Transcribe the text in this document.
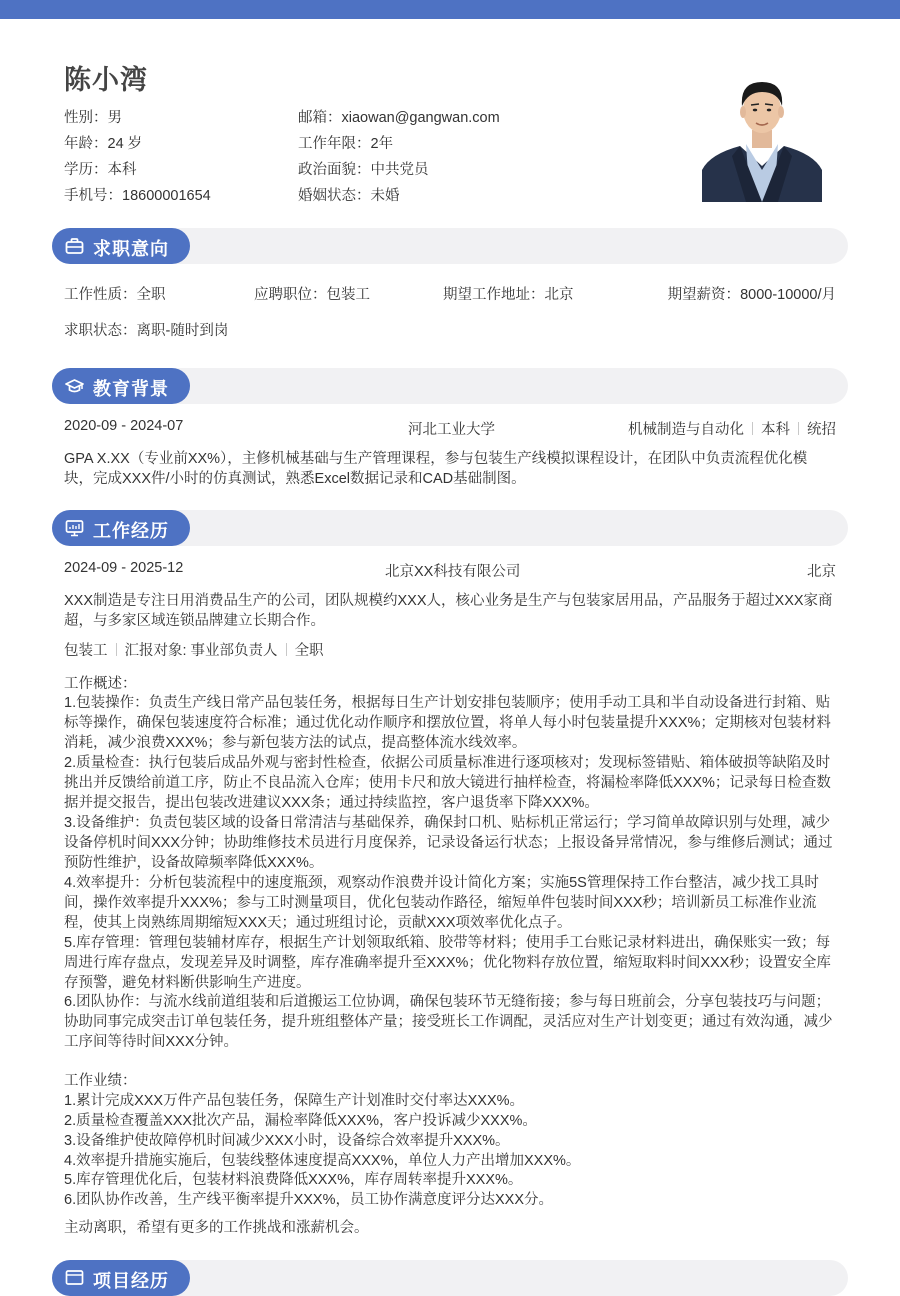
陈小湾
性别：男	邮箱：xiaowan@gangwan.com
年龄：24 岁	工作年限：2年
学历：本科	政治面貌：中共党员
手机号：18600001654	婚姻状态：未婚
求职意向
工作性质：全职	应聘职位：包装工	期望工作地址：北京	期望薪资：8000-10000/月
求职状态：离职-随时到岗
教育背景
2020-09 - 2024-07	河北工业大学	机械制造与自动化 本科 统招
GPA X.XX（专业前XX%），主修机械基础与生产管理课程，参与包装生产线模拟课程设计，在团队中负责流程优化模块，完成XXX件/小时的仿真测试，熟悉Excel数据记录和CAD基础制图。
工作经历
2024-09 - 2025-12	北京XX科技有限公司	北京
XXX制造是专注日用消费品生产的公司，团队规模约XXX人，核心业务是生产与包装家居用品，产品服务于超过XXX家商超，与多家区域连锁品牌建立长期合作。
包装工 汇报对象: 事业部负责人 全职
工作概述：
1.包装操作：负责生产线日常产品包装任务，根据每日生产计划安排包装顺序；使用手动工具和半自动设备进行封箱、贴标等操作，确保包装速度符合标准；通过优化动作顺序和摆放位置，将单人每小时包装量提升XXX%；定期核对包装材料消耗，减少浪费XXX%；参与新包装方法的试点，提高整体流水线效率。
2.质量检查：执行包装后成品外观与密封性检查，依据公司质量标准进行逐项核对；发现标签错贴、箱体破损等缺陷及时挑出并反馈给前道工序，防止不良品流入仓库；使用卡尺和放大镜进行抽样检查，将漏检率降低XXX%；记录每日检查数据并提交报告，提出包装改进建议XXX条；通过持续监控，客户退货率下降XXX%。
3.设备维护：负责包装区域的设备日常清洁与基础保养，确保封口机、贴标机正常运行；学习简单故障识别与处理，减少设备停机时间XXX分钟；协助维修技术员进行月度保养，记录设备运行状态；上报设备异常情况，参与维修后测试；通过预防性维护，设备故障频率降低XXX%。
4.效率提升：分析包装流程中的速度瓶颈，观察动作浪费并设计简化方案；实施5S管理保持工作台整洁，减少找工具时间，操作效率提升XXX%；参与工时测量项目，优化包装动作路径，缩短单件包装时间XXX秒；培训新员工标准作业流程，使其上岗熟练周期缩短XXX天；通过班组讨论，贡献XXX项效率优化点子。
5.库存管理：管理包装辅材库存，根据生产计划领取纸箱、胶带等材料；使用手工台账记录材料进出，确保账实一致；每周进行库存盘点，发现差异及时调整，库存准确率提升至XXX%；优化物料存放位置，缩短取料时间XXX秒；设置安全库存预警，避免材料断供影响生产进度。
6.团队协作：与流水线前道组装和后道搬运工位协调，确保包装环节无缝衔接；参与每日班前会，分享包装技巧与问题；协助同事完成突击订单包装任务，提升班组整体产量；接受班长工作调配，灵活应对生产计划变更；通过有效沟通，减少工序间等待时间XXX分钟。
工作业绩：
1.累计完成XXX万件产品包装任务，保障生产计划准时交付率达XXX%。
2.质量检查覆盖XXX批次产品，漏检率降低XXX%，客户投诉减少XXX%。
3.设备维护使故障停机时间减少XXX小时，设备综合效率提升XXX%。
4.效率提升措施实施后，包装线整体速度提高XXX%，单位人力产出增加XXX%。
5.库存管理优化后，包装材料浪费降低XXX%，库存周转率提升XXX%。
6.团队协作改善，生产线平衡率提升XXX%，员工协作满意度评分达XXX分。
主动离职，希望有更多的工作挑战和涨薪机会。
项目经历
